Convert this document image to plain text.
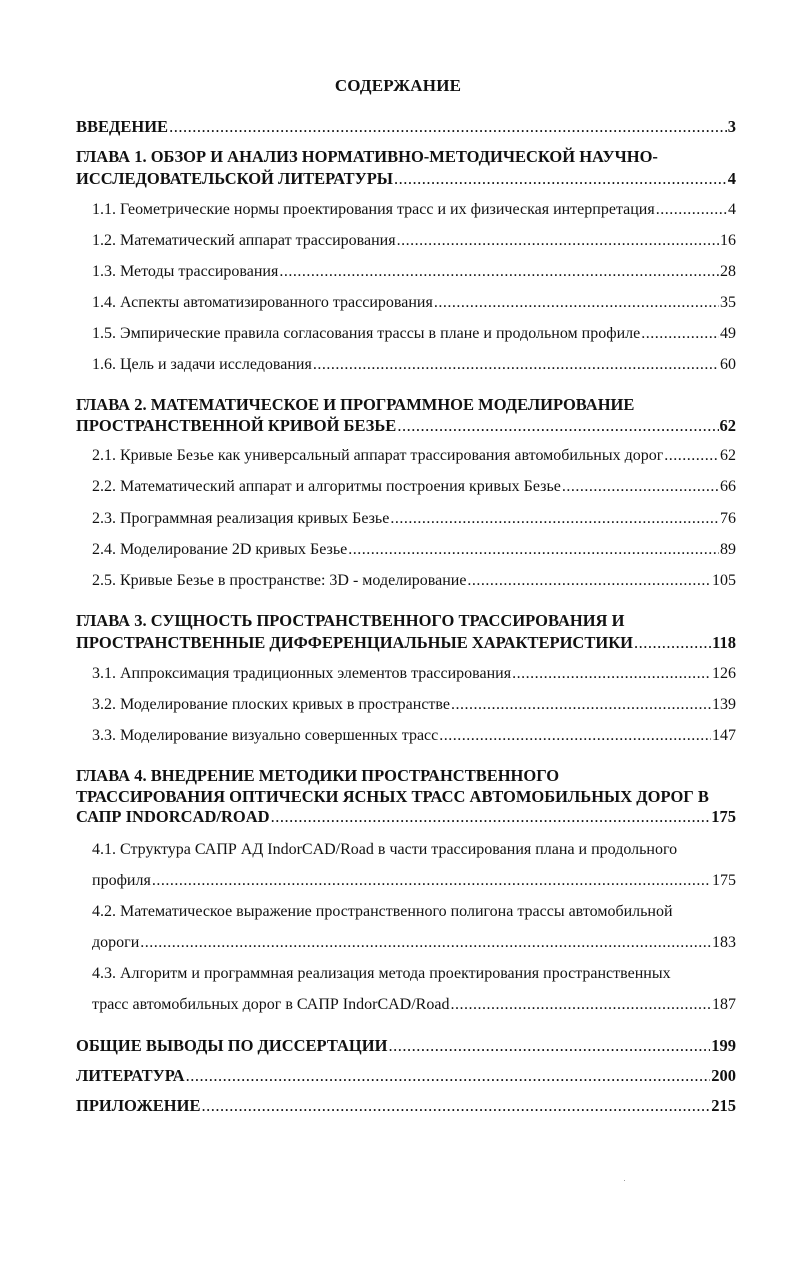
СОДЕРЖАНИЕ
ВВЕДЕНИЕ .....	3
ГЛАВА 1. ОБЗОР И АНАЛИЗ НОРМАТИВНО-МЕТОДИЧЕСКОЙ НАУЧНО-
ИССЛЕДОВАТЕЛЬСКОЙ ЛИТЕРАТУРЫ .....	4
1.1. Геометрические нормы проектирования трасс и их физическая интерпретация .....	4
1.2. Математический аппарат трассирования .....	16
1.3. Методы трассирования .....	28
1.4. Аспекты автоматизированного трассирования .....	35
1.5. Эмпирические правила согласования трассы в плане и продольном профиле .....	49
1.6. Цель и задачи исследования .....	60
ГЛАВА 2. МАТЕМАТИЧЕСКОЕ И ПРОГРАММНОЕ МОДЕЛИРОВАНИЕ
ПРОСТРАНСТВЕННОЙ КРИВОЙ БЕЗЬЕ .....	62
2.1. Кривые Безье как универсальный аппарат трассирования автомобильных дорог .....	62
2.2. Математический аппарат и алгоритмы построения кривых Безье .....	66
2.3. Программная реализация кривых Безье .....	76
2.4. Моделирование 2D кривых Безье .....	89
2.5. Кривые Безье в пространстве: 3D - моделирование .....	105
ГЛАВА 3. СУЩНОСТЬ ПРОСТРАНСТВЕННОГО ТРАССИРОВАНИЯ И
ПРОСТРАНСТВЕННЫЕ ДИФФЕРЕНЦИАЛЬНЫЕ ХАРАКТЕРИСТИКИ .....	118
3.1. Аппроксимация традиционных элементов трассирования .....	126
3.2. Моделирование плоских кривых в пространстве .....	139
3.3. Моделирование визуально совершенных трасс .....	147
ГЛАВА 4. ВНЕДРЕНИЕ МЕТОДИКИ ПРОСТРАНСТВЕННОГО
ТРАССИРОВАНИЯ ОПТИЧЕСКИ ЯСНЫХ ТРАСС АВТОМОБИЛЬНЫХ ДОРОГ В
САПР INDORCAD/ROAD .....	175
4.1. Структура САПР АД IndorCAD/Road в части трассирования плана и продольного
профиля .....	175
4.2. Математическое выражение пространственного полигона трассы автомобильной
дороги .....	183
4.3. Алгоритм и программная реализация метода проектирования пространственных
трасс автомобильных дорог в САПР IndorCAD/Road .....	187
ОБЩИЕ ВЫВОДЫ ПО ДИССЕРТАЦИИ .....	199
ЛИТЕРАТУРА .....	200
ПРИЛОЖЕНИЕ .....	215
